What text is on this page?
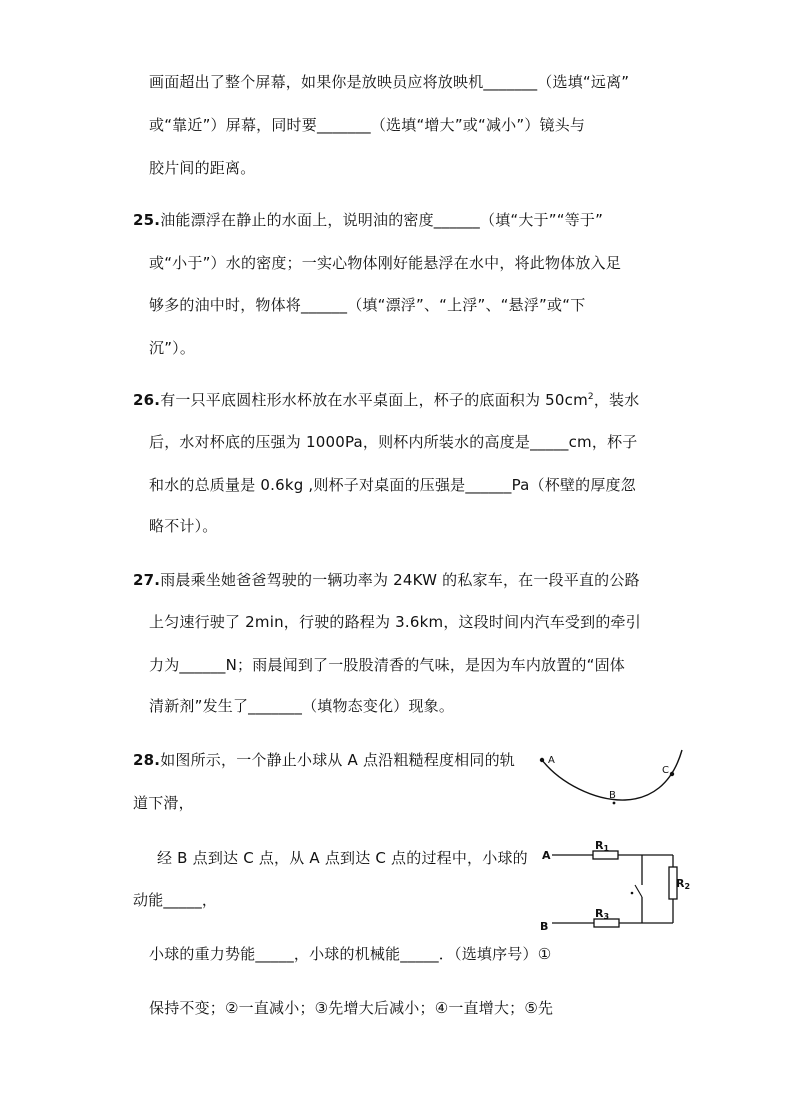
画面超出了整个屏幕，如果你是放映员应将放映机_______（选填“远离”
或“靠近”）屏幕，同时要_______（选填“增大”或“减小”）镜头与
胶片间的距离。
25.油能漂浮在静止的水面上，说明油的密度______（填“大于”“等于”
或“小于”）水的密度；一实心物体刚好能悬浮在水中，将此物体放入足
够多的油中时，物体将______（填“漂浮”、“上浮”、“悬浮”或“下
沉”）。
26.有一只平底圆柱形水杯放在水平桌面上，杯子的底面积为 $50cm^2$，装水
后，水对杯底的压强为 1000Pa，则杯内所装水的高度是_____cm，杯子
和水的总质量是 0.6kg ,则杯子对桌面的压强是______Pa（杯壁的厚度忽
略不计）。
27.雨晨乘坐她爸爸驾驶的一辆功率为 24KW 的私家车，在一段平直的公路
上匀速行驶了 2min，行驶的路程为 3.6km，这段时间内汽车受到的牵引
力为______N；雨晨闻到了一股股清香的气味，是因为车内放置的“固体
清新剂”发生了_______（填物态变化）现象。
28.如图所示，一个静止小球从 A 点沿粗糙程度相同的轨
道下滑，
经 B 点到达 C 点，从 A 点到达 C 点的过程中，小球的
动能_____，
小球的重力势能_____，小球的机械能_____．（选填序号）①
保持不变；②一直减小；③先增大后减小；④一直增大；⑤先
A
B
C
A
B
R1
R2
R3
